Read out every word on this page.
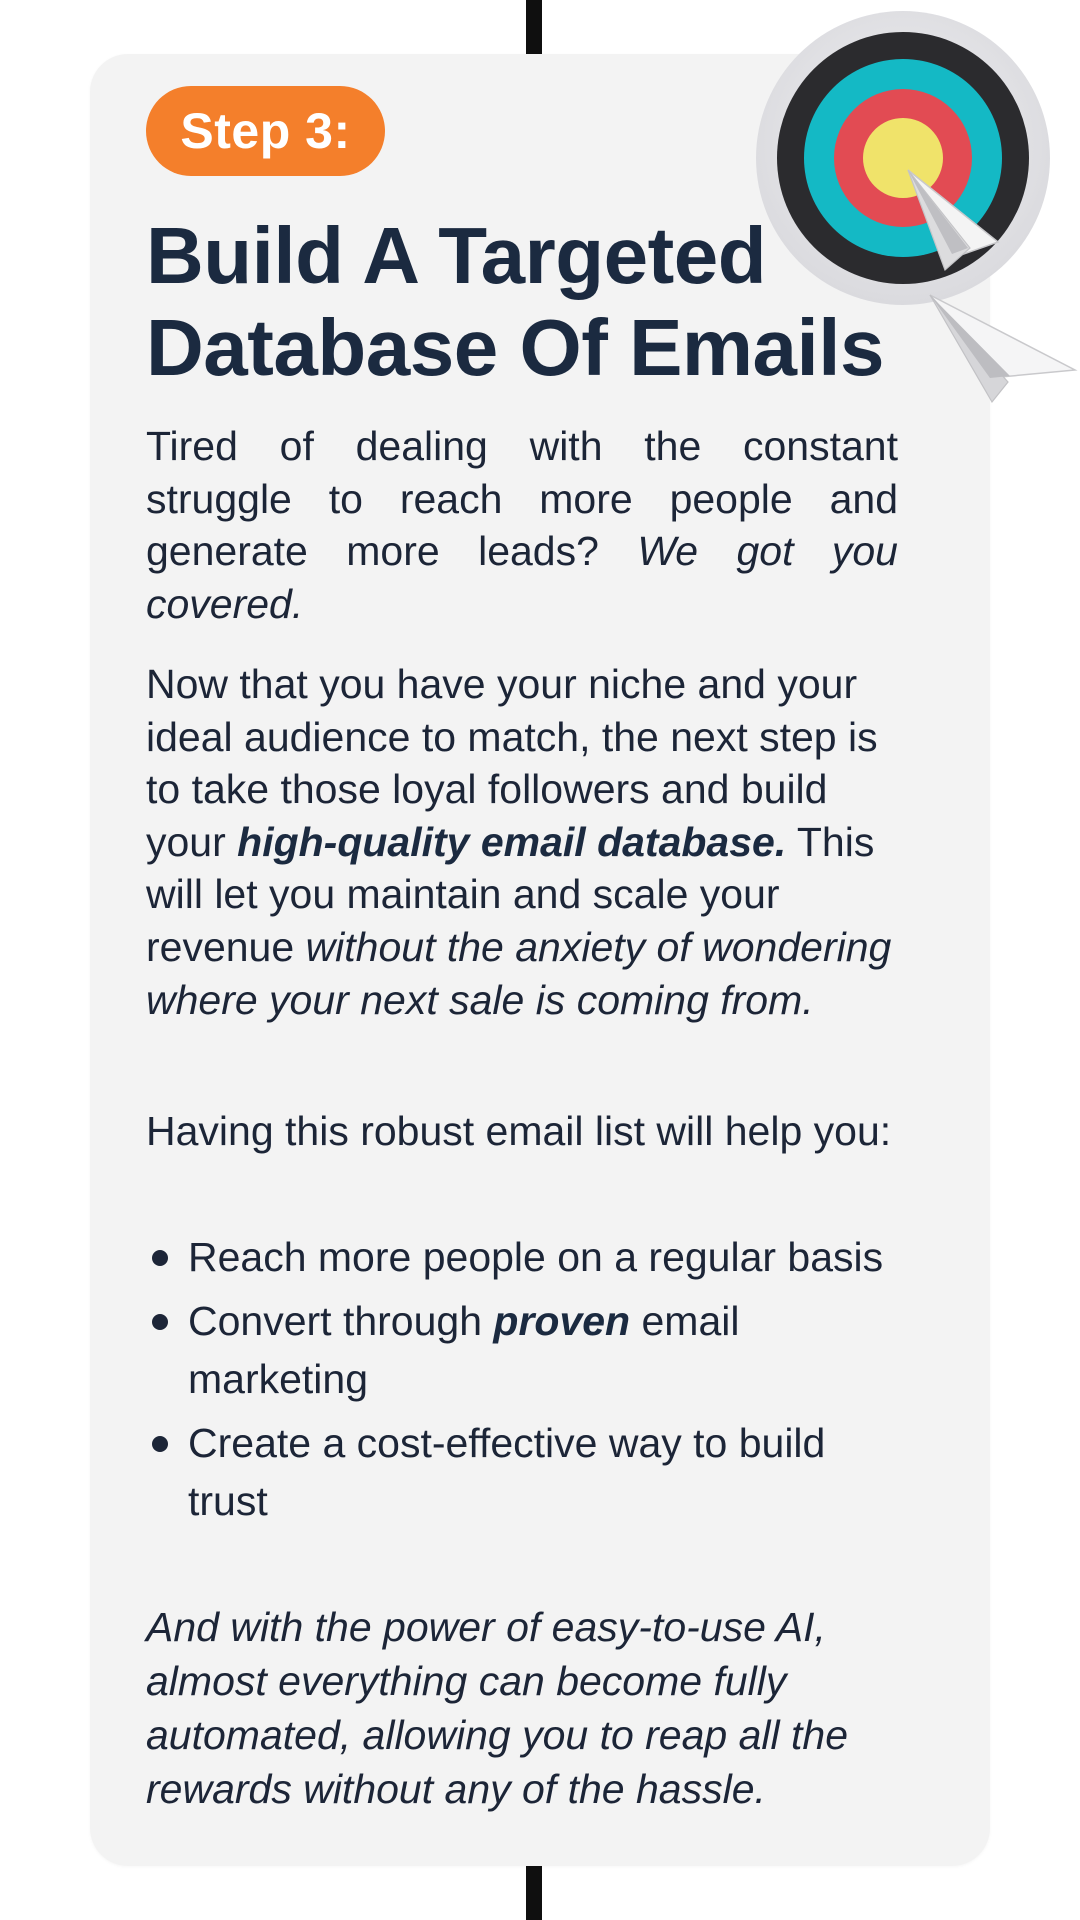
Step 3:
Build A Targeted
Database Of Emails
Tired of dealing with the constant struggle to reach more people and generate more leads? We got you covered.
Now that you have your niche and your ideal audience to match, the next step is to take those loyal followers and build your high-quality email database. This will let you maintain and scale your revenue without the anxiety of wondering where your next sale is coming from.
Having this robust email list will help you:
Reach more people on a regular basis
Convert through proven email marketing
Create a cost-effective way to build trust
And with the power of easy-to-use AI, almost everything can become fully automated, allowing you to reap all the rewards without any of the hassle.
